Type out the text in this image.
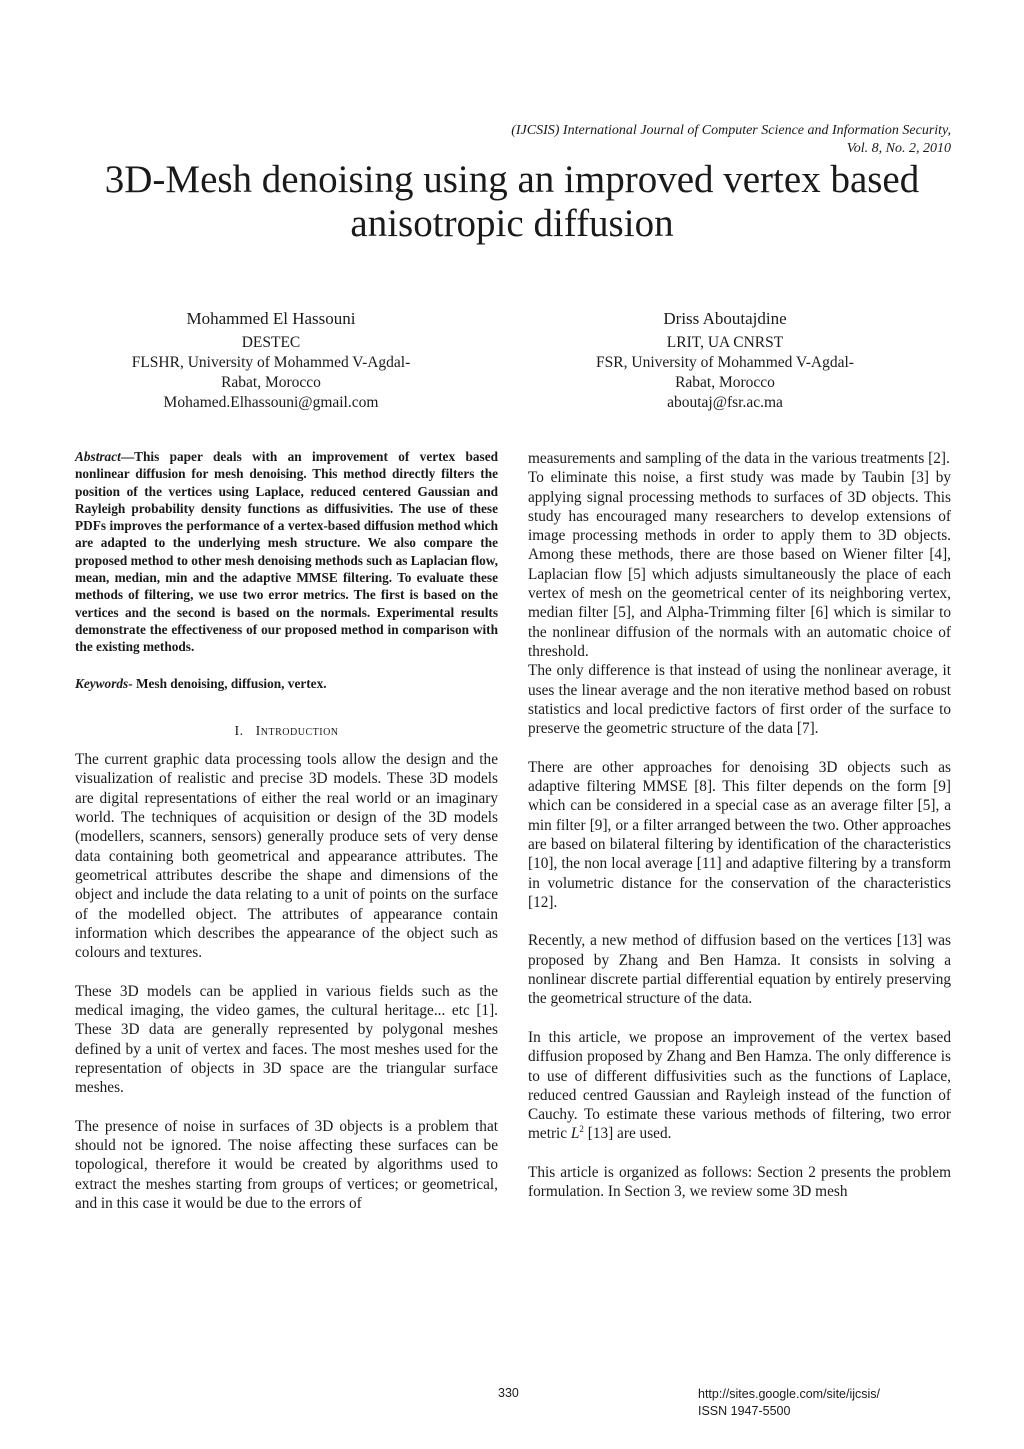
(IJCSIS) International Journal of Computer Science and Information Security,
Vol. 8, No. 2, 2010
3D-Mesh denoising using an improved vertex based
anisotropic diffusion
Mohammed El Hassouni
DESTEC
FLSHR, University of Mohammed V-Agdal-
Rabat, Morocco
Mohamed.Elhassouni@gmail.com
Driss Aboutajdine
LRIT, UA CNRST
FSR, University of Mohammed V-Agdal-
Rabat, Morocco
aboutaj@fsr.ac.ma

Abstract—This paper deals with an improvement of vertex based nonlinear diffusion for mesh denoising. This method directly filters the position of the vertices using Laplace, reduced centered Gaussian and Rayleigh probability density functions as diffusivities. The use of these PDFs improves the performance of a vertex-based diffusion method which are adapted to the underlying mesh structure. We also compare the proposed method to other mesh denoising methods such as Laplacian flow, mean, median, min and the adaptive MMSE filtering. To evaluate these methods of filtering, we use two error metrics. The first is based on the vertices and the second is based on the normals. Experimental results demonstrate the effectiveness of our proposed method in comparison with the existing methods.

Keywords- Mesh denoising, diffusion, vertex.

I. Introduction

The current graphic data processing tools allow the design and the visualization of realistic and precise 3D models. These 3D models are digital representations of either the real world or an imaginary world. The techniques of acquisition or design of the 3D models (modellers, scanners, sensors) generally produce sets of very dense data containing both geometrical and appearance attributes. The geometrical attributes describe the shape and dimensions of the object and include the data relating to a unit of points on the surface of the modelled object. The attributes of appearance contain information which describes the appearance of the object such as colours and textures.

These 3D models can be applied in various fields such as the medical imaging, the video games, the cultural heritage... etc [1]. These 3D data are generally represented by polygonal meshes defined by a unit of vertex and faces. The most meshes used for the representation of objects in 3D space are the triangular surface meshes.

The presence of noise in surfaces of 3D objects is a problem that should not be ignored. The noise affecting these surfaces can be topological, therefore it would be created by algorithms used to extract the meshes starting from groups of vertices; or geometrical, and in this case it would be due to the errors of

measurements and sampling of the data in the various treatments [2].

To eliminate this noise, a first study was made by Taubin [3] by applying signal processing methods to surfaces of 3D objects. This study has encouraged many researchers to develop extensions of image processing methods in order to apply them to 3D objects. Among these methods, there are those based on Wiener filter [4], Laplacian flow [5] which adjusts simultaneously the place of each vertex of mesh on the geometrical center of its neighboring vertex, median filter [5], and Alpha-Trimming filter [6] which is similar to the nonlinear diffusion of the normals with an automatic choice of threshold.

The only difference is that instead of using the nonlinear average, it uses the linear average and the non iterative method based on robust statistics and local predictive factors of first order of the surface to preserve the geometric structure of the data [7].

There are other approaches for denoising 3D objects such as adaptive filtering MMSE [8]. This filter depends on the form [9] which can be considered in a special case as an average filter [5], a min filter [9], or a filter arranged between the two. Other approaches are based on bilateral filtering by identification of the characteristics [10], the non local average [11] and adaptive filtering by a transform in volumetric distance for the conservation of the characteristics [12].

Recently, a new method of diffusion based on the vertices [13] was proposed by Zhang and Ben Hamza. It consists in solving a nonlinear discrete partial differential equation by entirely preserving the geometrical structure of the data.

In this article, we propose an improvement of the vertex based diffusion proposed by Zhang and Ben Hamza. The only difference is to use of different diffusivities such as the functions of Laplace, reduced centred Gaussian and Rayleigh instead of the function of Cauchy. To estimate these various methods of filtering, two error metric $L^2$ [13] are used.

This article is organized as follows: Section 2 presents the problem formulation. In Section 3, we review some 3D mesh

330	http://sites.google.com/site/ijcsis/
ISSN 1947-5500
